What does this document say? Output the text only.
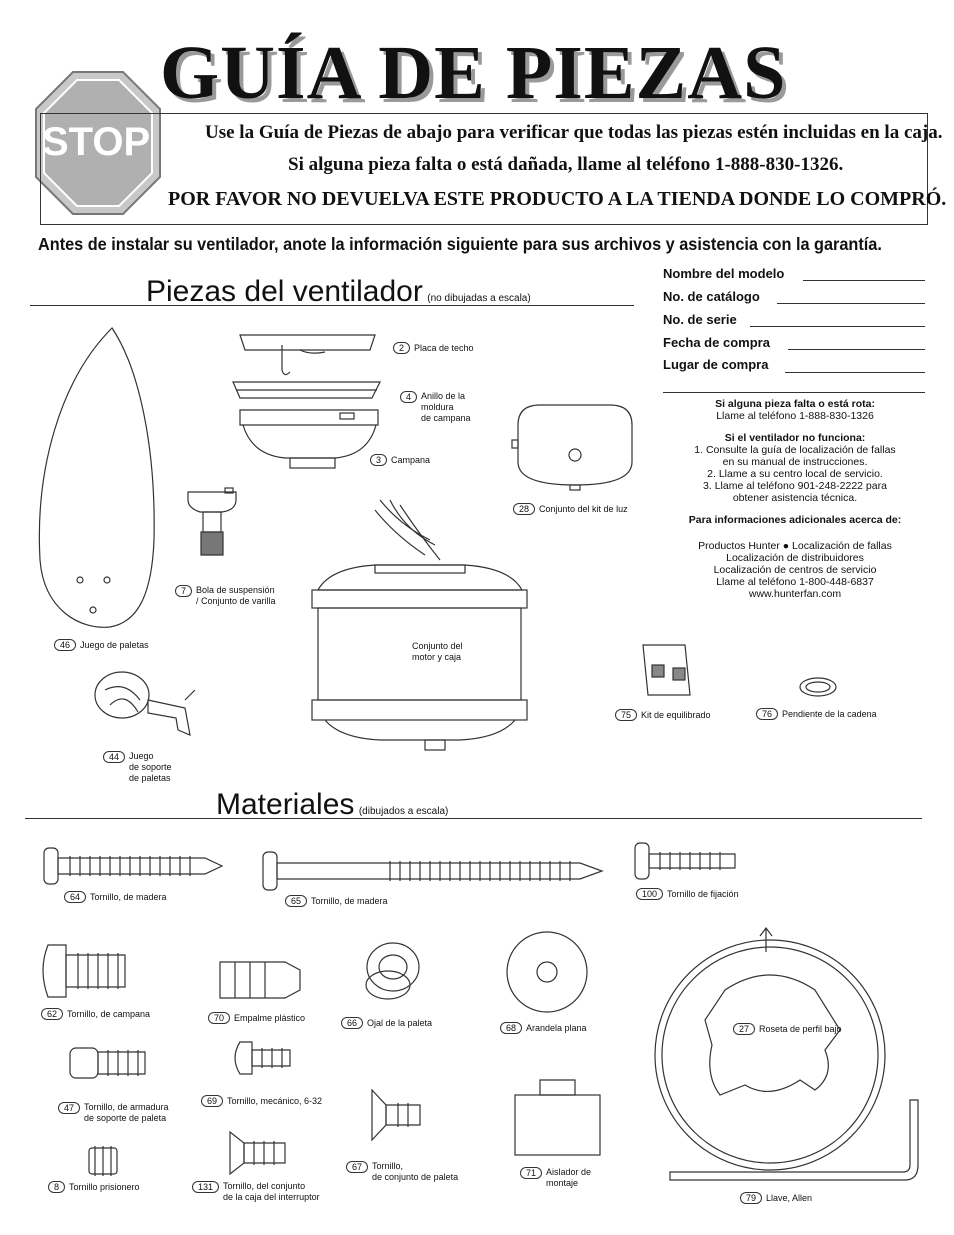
GUÍA DE PIEZAS
STOP	Use la Guía de Piezas de abajo para verificar que todas las piezas estén incluidas en la caja.
Si alguna pieza falta o está dañada, llame al teléfono 1-888-830-1326.
POR FAVOR NO DEVUELVA ESTE PRODUCTO A LA TIENDA DONDE LO COMPRÓ.
Antes de instalar su ventilador, anote la información siguiente para sus archivos y asistencia con la garantía.
Piezas del ventilador (no dibujadas a escala)
Materiales (dibujados a escala)
Nombre del modelo
No. de catálogo
No. de serie
Fecha de compra
Lugar de compra
Si alguna pieza falta o está rota:
Llame al teléfono 1-888-830-1326
Si el ventilador no funciona:
1. Consulte la guía de localización de fallas
en su manual de instrucciones.
2. Llame a su centro local de servicio.
3. Llame al teléfono 901-248-2222 para
obtener asistencia técnica.
Para informaciones adicionales acerca de:
Productos Hunter ● Localización de fallas
Localización de distribuidores
Localización de centros de servicio
Llame al teléfono 1-800-448-6837
www.hunterfan.com
2 Placa de techo
4 Anillo de la
moldura
de campana
3 Campana
28 Conjunto del kit de luz
7 Bola de suspensión
/ Conjunto de varilla
46 Juego de paletas	Conjunto del
motor y caja
75 Kit de equilibrado	76 Pendiente de la cadena
44 Juego
de soporte
de paletas
64 Tornillo, de madera	65 Tornillo, de madera
100 Tornillo de fijación
62 Tornillo, de campana	70 Empalme plástico	66 Ojal de la paleta	68 Arandela plana	27 Roseta de perfil bajo
47 Tornillo, de armadura
de soporte de paleta
69 Tornillo, mecánico, 6-32
67 Tornillo,
de conjunto de paleta	71 Aislador de
montaje
8 Tornillo prisionero	131 Tornillo, del conjunto
de la caja del interruptor	79 Llave, Allen
